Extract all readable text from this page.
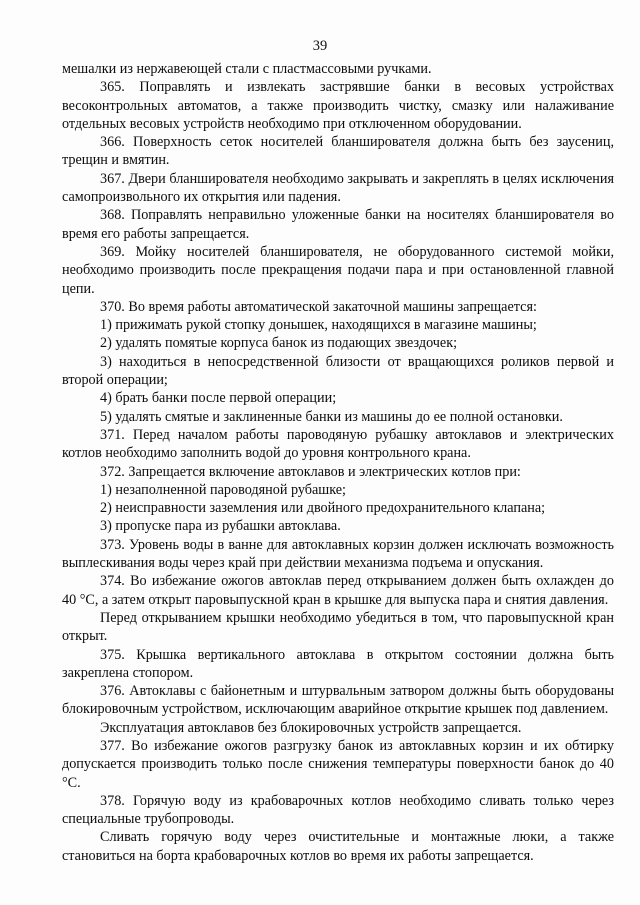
39

мешалки из нержавеющей стали с пластмассовыми ручками.

365. Поправлять и извлекать застрявшие банки в весовых устройствах весоконтрольных автоматов, а также производить чистку, смазку или налаживание отдельных весовых устройств необходимо при отключенном оборудовании.

366. Поверхность сеток носителей бланширователя должна быть без заусениц, трещин и вмятин.

367. Двери бланширователя необходимо закрывать и закреплять в целях исключения самопроизвольного их открытия или падения.

368. Поправлять неправильно уложенные банки на носителях бланширователя во время его работы запрещается.

369. Мойку носителей бланширователя, не оборудованного системой мойки, необходимо производить после прекращения подачи пара и при остановленной главной цепи.

370. Во время работы автоматической закаточной машины запрещается:

1) прижимать рукой стопку донышек, находящихся в магазине машины;

2) удалять помятые корпуса банок из подающих звездочек;

3) находиться в непосредственной близости от вращающихся роликов первой и второй операции;

4) брать банки после первой операции;

5) удалять смятые и заклиненные банки из машины до ее полной остановки.

371. Перед началом работы пароводяную рубашку автоклавов и электрических котлов необходимо заполнить водой до уровня контрольного крана.

372. Запрещается включение автоклавов и электрических котлов при:

1) незаполненной пароводяной рубашке;

2) неисправности заземления или двойного предохранительного клапана;

3) пропуске пара из рубашки автоклава.

373. Уровень воды в ванне для автоклавных корзин должен исключать возможность выплескивания воды через край при действии механизма подъема и опускания.

374. Во избежание ожогов автоклав перед открыванием должен быть охлажден до 40 °С, а затем открыт паровыпускной кран в крышке для выпуска пара и снятия давления.

Перед открыванием крышки необходимо убедиться в том, что паровыпускной кран открыт.

375. Крышка вертикального автоклава в открытом состоянии должна быть закреплена стопором.

376. Автоклавы с байонетным и штурвальным затвором должны быть оборудованы блокировочным устройством, исключающим аварийное открытие крышек под давлением.

Эксплуатация автоклавов без блокировочных устройств запрещается.

377. Во избежание ожогов разгрузку банок из автоклавных корзин и их обтирку допускается производить только после снижения температуры поверхности банок до 40 °С.

378. Горячую воду из крабоварочных котлов необходимо сливать только через специальные трубопроводы.

Сливать горячую воду через очистительные и монтажные люки, а также становиться на борта крабоварочных котлов во время их работы запрещается.
